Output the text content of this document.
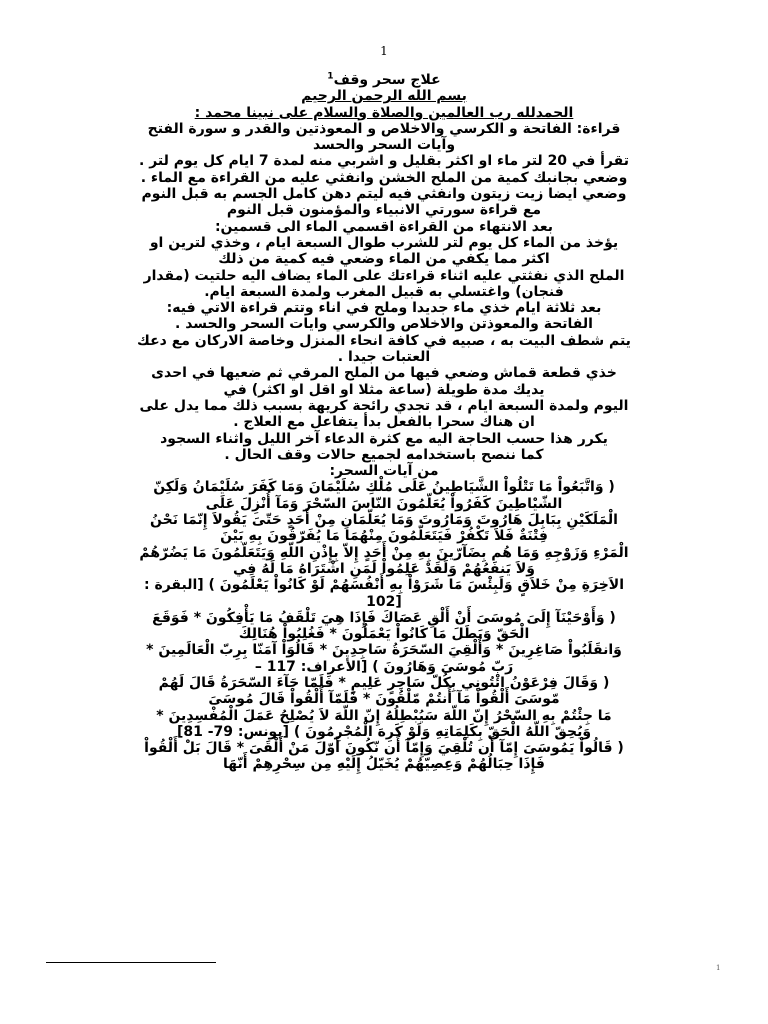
1
علاج سحر وقف$^1$
بسم الله الرحمن الرحيم
الحمدلله رب العالمين والصلاة والسلام على نبينا محمد :
قراءة: الفاتحة و الكرسي والاخلاص و المعوذتين والقدر و سورة الفتح
وآيات السحر والحسد
تقرأ في 20 لتر ماء او اكثر بقليل و اشربي منه لمدة 7 ايام كل يوم لتر .
وضعي بجانبك كمية من الملح الخشن وانفثي عليه من القراءة مع الماء .
وضعي ايضا زيت زيتون وانفثي فيه ليتم دهن كامل الجسم به قبل النوم
مع قراءة سورتي الانبياء والمؤمنون قبل النوم
بعد الانتهاء من القراءة اقسمي الماء الى قسمين:
يؤخذ من الماء كل يوم لتر للشرب طوال السبعة ايام ، وخذي لترين او
اكثر مما يكفي من الماء وضعي فيه كمية من ذلك
الملح الذي نفثتي عليه اثناء قراءتك على الماء يضاف اليه حلتيت (مقدار
فنجان) واغتسلي به قبيل المغرب ولمدة السبعة ايام.
بعد ثلاثة ايام خذي ماء جديدا وملح في اناء وتتم قراءة الاتي فيه:
الفاتحة والمعوذتن والاخلاص والكرسي وايات السحر والحسد .
يتم شطف البيت به ، صبيه في كافة انحاء المنزل وخاصة الاركان مع دعك
العتبات جيدا .
خذي قطعة قماش وضعي فيها من الملح المرقي ثم ضعيها في احدى
يديك مدة طويلة (ساعة مثلا او اقل او اكثر) في
اليوم ولمدة السبعة ايام ، قد تجدي رائحة كريهة بسبب ذلك مما يدل على
ان هناك سحرا بالفعل بدأ يتفاعل مع العلاج .
يكرر هذا حسب الحاجة اليه مع كثرة الدعاء آخر الليل واثناء السجود
كما ننصح باستخدامه لجميع حالات وقف الحال .
من آيات السحر:
( وَاتَّبَعُواْ مَا تَتْلُواْ الشَّيَاطِينُ عَلَى مُلْكِ سُلَيْمَانَ وَمَا كَفَرَ سُلَيْمَانُ وَلَكِنّ
الشّيْاطِينَ كَفَرُواْ يُعَلّمُونَ النّاسَ السّحْرَ وَمَآ أُنْزِلَ عَلَى
الْمَلَكَيْنِ بِبَابِلَ هَارُوتَ وَمَارُوتَ وَمَا يُعَلّمَانِ مِنْ أَحَدٍ حَتّىَ يَقُولاَ إِنّمَا نَحْنُ
فِتْنَةٌ فَلاَ تَكْفُرْ فَيَتَعَلّمُونَ مِنْهُمَا مَا يُفَرّقُونَ بِهِ بَيْنَ
الْمَرْءِ وَزَوْجِهِ وَمَا هُم بِضَآرّينَ بِهِ مِنْ أَحَدٍ إِلاّ بِإِذْنِ اللّهِ وَيَتَعَلّمُونَ مَا يَضُرّهُمْ
وَلاَ يَنفَعُهُمْ وَلَقَدْ عَلِمُواْ لَمَنِ اشْتَرَاهُ مَا لَهُ فِي
الاَخِرَةِ مِنْ خَلاَقٍ وَلَبِئْسَ مَا شَرَوْاْ بِهِ أَنْفُسَهُمْ لَوْ كَانُواْ يَعْلَمُونَ ) [البقرة :
[102
( وَأَوْحَيْنَآ إِلَىَ مُوسَىَ أَنْ أَلْقِ عَصَاكَ فَإِذَا هِيَ تَلْقَفُ مَا يَأْفِكُونَ * فَوَقَعَ
الْحَقّ وَبَطَلَ مَا كَانُواْ يَعْمَلُونَ * فَغُلِبُواْ هُنَالِكَ
وَانقَلَبُواْ صَاغِرِينَ * وَأُلْقِيَ السّحَرَةُ سَاجِدِينَ * قَالُوَاْ آمَنّا بِرِبّ الْعَالَمِينَ *
رَبّ مُوسَىَ وَهَارُونَ ) [الأعراف: 117 –
( وَقَالَ فِرْعَوْنُ ائْتُونِي بِكُلّ سَاحِرٍ عَلِيمٍ * فَلَمّا جَآءَ السّحَرَةُ قَالَ لَهُمْ
مّوسَىَ أَلْقُواْ مَآ أَنتُمْ مّلْقُونَ * فَلَمّآ أَلْقُواْ قَالَ مُوسَىَ
مَا جِئْتُمْ بِهِ السّحْرُ إِنّ اللّهَ سَيُبْطِلُهُ إِنّ اللّهَ لاَ يُصْلِحُ عَمَلَ الْمُفْسِدِينَ *
وَيُحِقّ اللّهُ الْحَقّ بِكَلِمَاتِهِ وَلَوْ كَرِهَ الْمُجْرِمُونَ ) [يونس: 79- 81]
( قَالُواْ يَمُوسَىَ إِمّآ أَن تُلْقِيَ وَإِمّآ أَن نّكُونَ أَوّلَ مَنْ أَلْقَىَ * قَالَ بَلْ أَلْقُواْ
فَإِذَا حِبَالُهُمْ وَعِصِيّهُمْ يُخَيّلُ إِلَيْهِ مِن سِحْرِهِمْ أَنّهَا
1
